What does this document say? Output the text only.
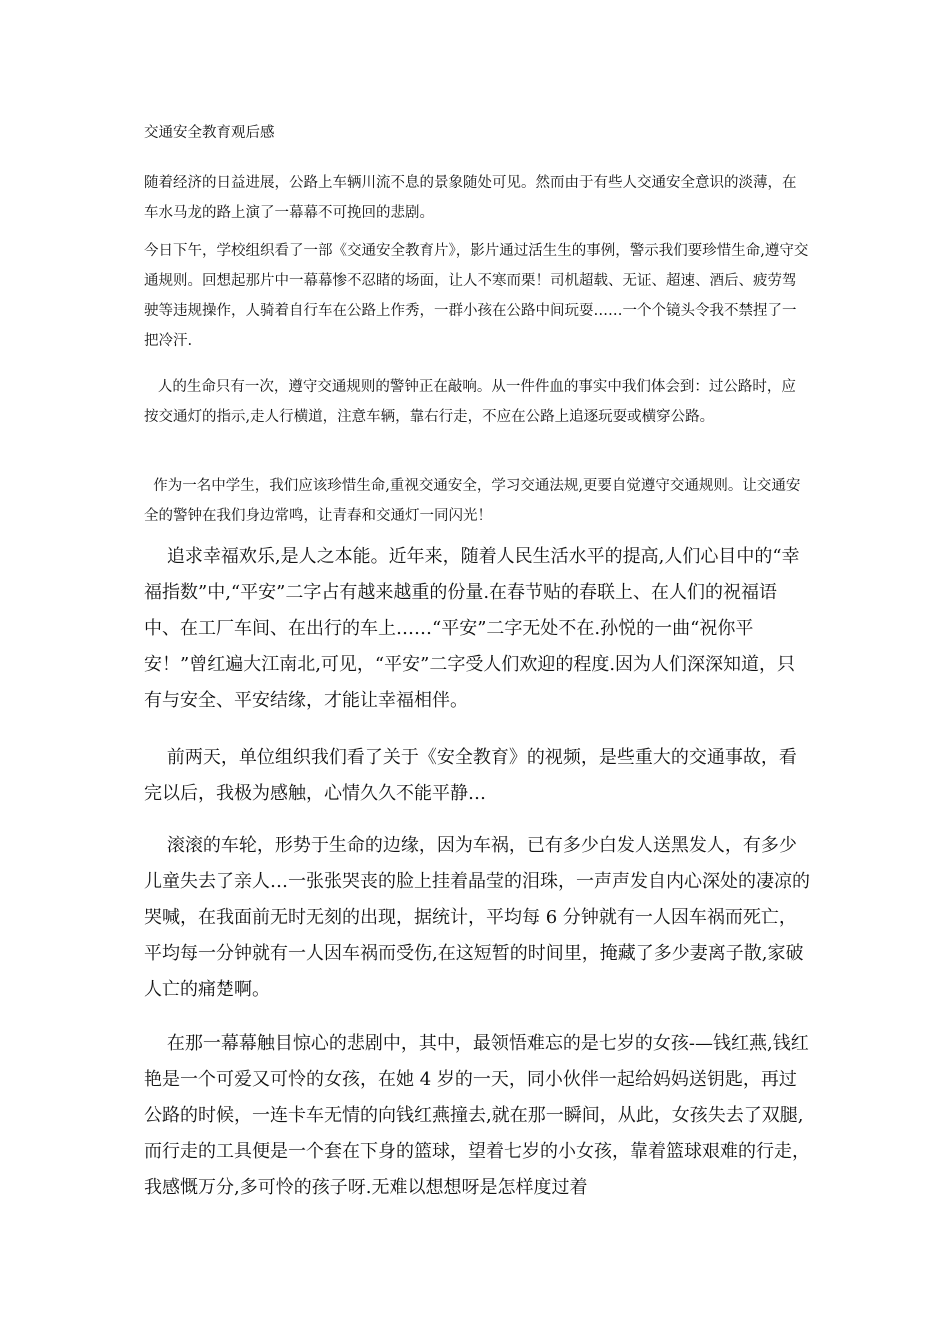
交通安全教育观后感

随着经济的日益进展，公路上车辆川流不息的景象随处可见。然而由于有些人交通安全意识的淡薄，在车水马龙的路上演了一幕幕不可挽回的悲剧。

今日下午，学校组织看了一部《交通安全教育片》，影片通过活生生的事例，警示我们要珍惜生命,遵守交通规则。回想起那片中一幕幕惨不忍睹的场面，让人不寒而栗！司机超载、无证、超速、酒后、疲劳驾驶等违规操作，人骑着自行车在公路上作秀，一群小孩在公路中间玩耍……一个个镜头令我不禁捏了一把冷汗.

人的生命只有一次，遵守交通规则的警钟正在敲响。从一件件血的事实中我们体会到：过公路时，应  按交通灯的指示,走人行横道，注意车辆，靠右行走，不应在公路上追逐玩耍或横穿公路。

作为一名中学生，我们应该珍惜生命,重视交通安全，学习交通法规,更要自觉遵守交通规则。让交通安全的警钟在我们身边常鸣，让青春和交通灯一同闪光！

追求幸福欢乐,是人之本能。近年来，随着人民生活水平的提高,人们心目中的“幸福指数”中,“平安”二字占有越来越重的份量.在春节贴的春联上、在人们的祝福语中、在工厂车间、在出行的车上……“平安”二字无处不在.孙悦的一曲“祝你平安！”曾红遍大江南北,可见，“平安”二字受人们欢迎的程度.因为人们深深知道，只有与安全、平安结缘，才能让幸福相伴。

前两天，单位组织我们看了关于《安全教育》的视频，是些重大的交通事故，看完以后，我极为感触，心情久久不能平静…

滚滚的车轮，形势于生命的边缘，因为车祸，已有多少白发人送黑发人，有多少儿童失去了亲人…一张张哭丧的脸上挂着晶莹的泪珠，一声声发自内心深处的凄凉的哭喊，在我面前无时无刻的出现，据统计，平均每 6 分钟就有一人因车祸而死亡，平均每一分钟就有一人因车祸而受伤,在这短暂的时间里，掩藏了多少妻离子散,家破人亡的痛楚啊。

在那一幕幕触目惊心的悲剧中，其中，最领悟难忘的是七岁的女孩-—钱红燕,钱红艳是一个可爱又可怜的女孩，在她 4 岁的一天，同小伙伴一起给妈妈送钥匙，再过公路的时候，一连卡车无情的向钱红燕撞去,就在那一瞬间，从此，女孩失去了双腿,而行走的工具便是一个套在下身的篮球，望着七岁的小女孩，靠着篮球艰难的行走，我感慨万分,多可怜的孩子呀.无难以想想呀是怎样度过着
